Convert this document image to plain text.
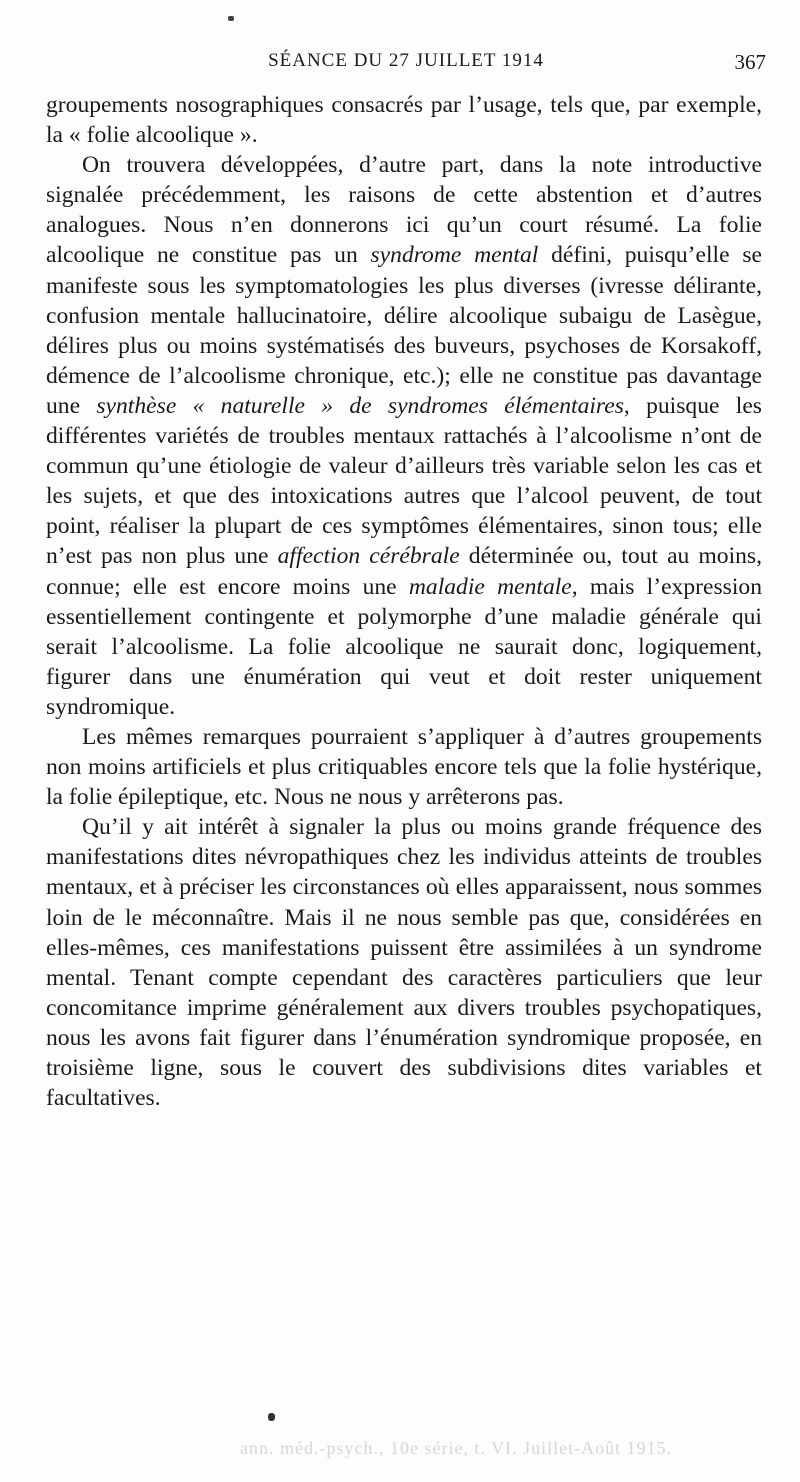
SÉANCE DU 27 JUILLET 1914	367

groupements nosographiques consacrés par l’usage, tels que, par exemple, la « folie alcoolique ».

On trouvera développées, d’autre part, dans la note introductive signalée précédemment, les raisons de cette abstention et d’autres analogues. Nous n’en donnerons ici qu’un court résumé. La folie alcoolique ne constitue pas un syndrome mental défini, puisqu’elle se manifeste sous les symptomatologies les plus diverses (ivresse délirante, confusion mentale hallucinatoire, délire alcoolique subaigu de Lasègue, délires plus ou moins systématisés des buveurs, psychoses de Korsakoff, démence de l’alcoolisme chronique, etc.); elle ne constitue pas davantage une synthèse « naturelle » de syndromes élémentaires, puisque les différentes variétés de troubles mentaux rattachés à l’alcoolisme n’ont de commun qu’une étiologie de valeur d’ailleurs très variable selon les cas et les sujets, et que des intoxications autres que l’alcool peuvent, de tout point, réaliser la plupart de ces symptômes élémentaires, sinon tous; elle n’est pas non plus une affection cérébrale déterminée ou, tout au moins, connue; elle est encore moins une maladie mentale, mais l’expression essentiellement contingente et polymorphe d’une maladie générale qui serait l’alcoolisme. La folie alcoolique ne saurait donc, logiquement, figurer dans une énumération qui veut et doit rester uniquement syndromique.

Les mêmes remarques pourraient s’appliquer à d’autres groupements non moins artificiels et plus critiquables encore tels que la folie hystérique, la folie épileptique, etc. Nous ne nous y arrêterons pas.

Qu’il y ait intérêt à signaler la plus ou moins grande fréquence des manifestations dites névropathiques chez les individus atteints de troubles mentaux, et à préciser les circonstances où elles apparaissent, nous sommes loin de le méconnaître. Mais il ne nous semble pas que, considérées en elles-mêmes, ces manifestations puissent être assimilées à un syndrome mental. Tenant compte cependant des caractères particuliers que leur concomitance imprime généralement aux divers troubles psychopatiques, nous les avons fait figurer dans l’énumération syndromique proposée, en troisième ligne, sous le couvert des subdivisions dites variables et facultatives.

ann. méd.-psych., 10e série, t. VI. Juillet-Août 1915.
